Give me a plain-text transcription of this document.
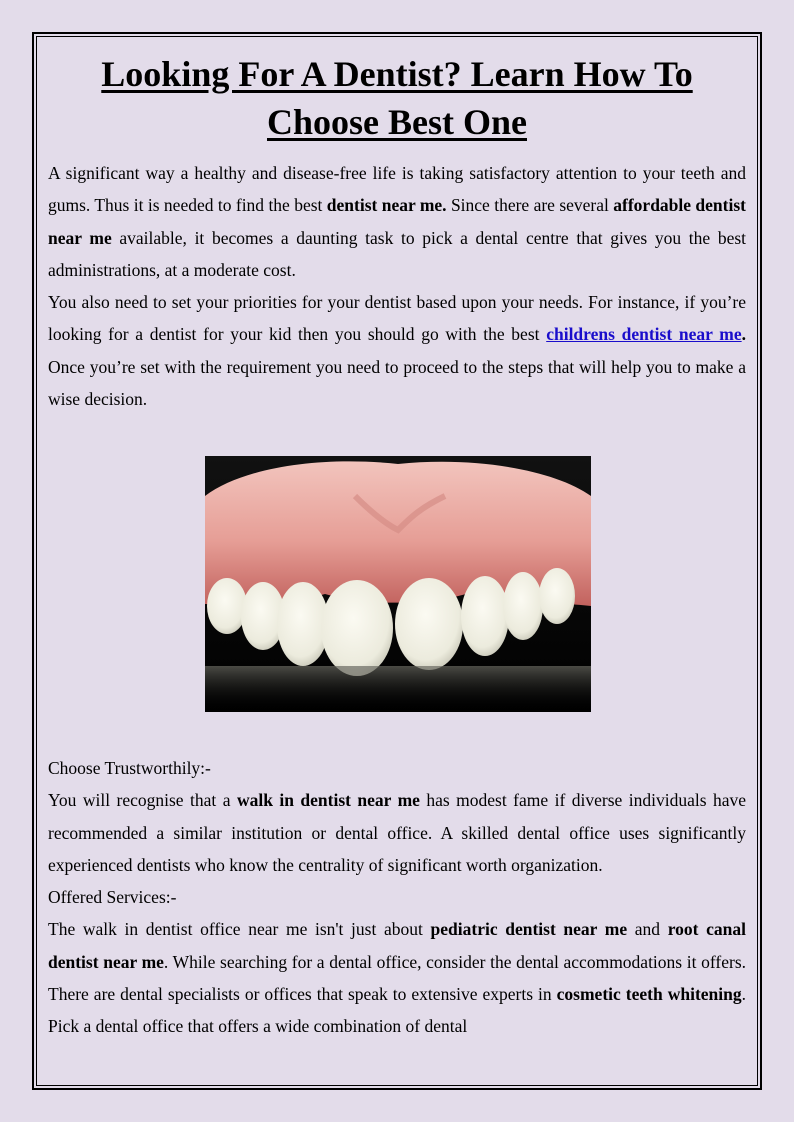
Looking For A Dentist? Learn How To Choose Best One

A significant way a healthy and disease-free life is taking satisfactory attention to your teeth and gums. Thus it is needed to find the best dentist near me. Since there are several affordable dentist near me available, it becomes a daunting task to pick a dental centre that gives you the best administrations, at a moderate cost.

You also need to set your priorities for your dentist based upon your needs. For instance, if you’re looking for a dentist for your kid then you should go with the best childrens dentist near me. Once you’re set with the requirement you need to proceed to the steps that will help you to make a wise decision.

Choose Trustworthily:-

You will recognise that a walk in dentist near me has modest fame if diverse individuals have recommended a similar institution or dental office. A skilled dental office uses significantly experienced dentists who know the centrality of significant worth organization.

Offered Services:-

The walk in dentist office near me isn't just about pediatric dentist near me and root canal dentist near me. While searching for a dental office, consider the dental accommodations it offers. There are dental specialists or offices that speak to extensive experts in cosmetic teeth whitening. Pick a dental office that offers a wide combination of dental
